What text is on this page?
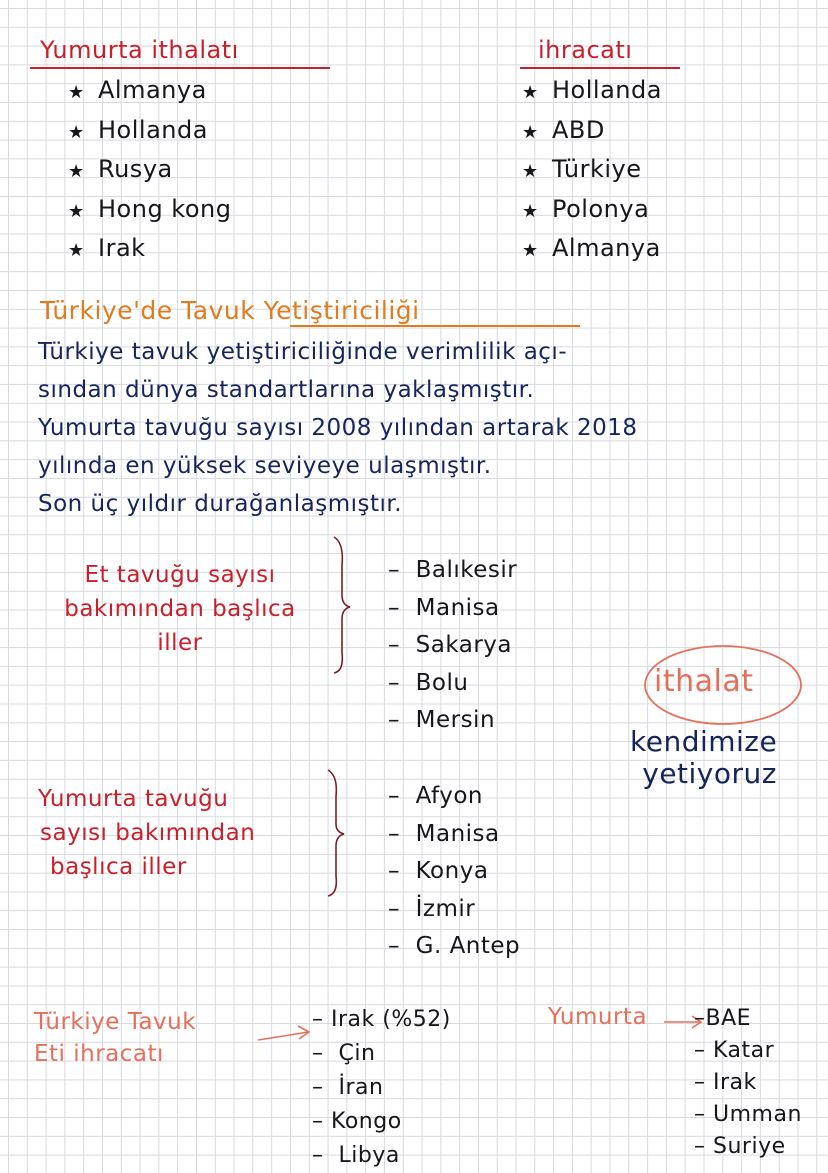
Yumurta ithalatı
★ Almanya
★ Hollanda
★ Rusya
★ Hong kong
★ Irak
ihracatı
★ Hollanda
★ ABD
★ Türkiye
★ Polonya
★ Almanya
Türkiye'de Tavuk Yetiştiriciliği
Türkiye tavuk yetiştiriciliğinde verimlilik açı-
sından dünya standartlarına yaklaşmıştır.
Yumurta tavuğu sayısı 2008 yılından artarak 2018
yılında en yüksek seviyeye ulaşmıştır.
Son üç yıldır durağanlaşmıştır.
Et tavuğu sayısı
bakımından başlıca
iller
– Balıkesir
– Manisa
– Sakarya
– Bolu
– Mersin
ithalat
kendimize
yetiyoruz
Yumurta tavuğu
sayısı bakımından
başlıca iller
– Afyon
– Manisa
– Konya
– İzmir
– G. Antep
Türkiye Tavuk
Eti ihracatı
– Irak (%52)
– Çin
– İran
– Kongo
– Libya
Yumurta –BAE
– Katar
– Irak
– Umman
– Suriye
